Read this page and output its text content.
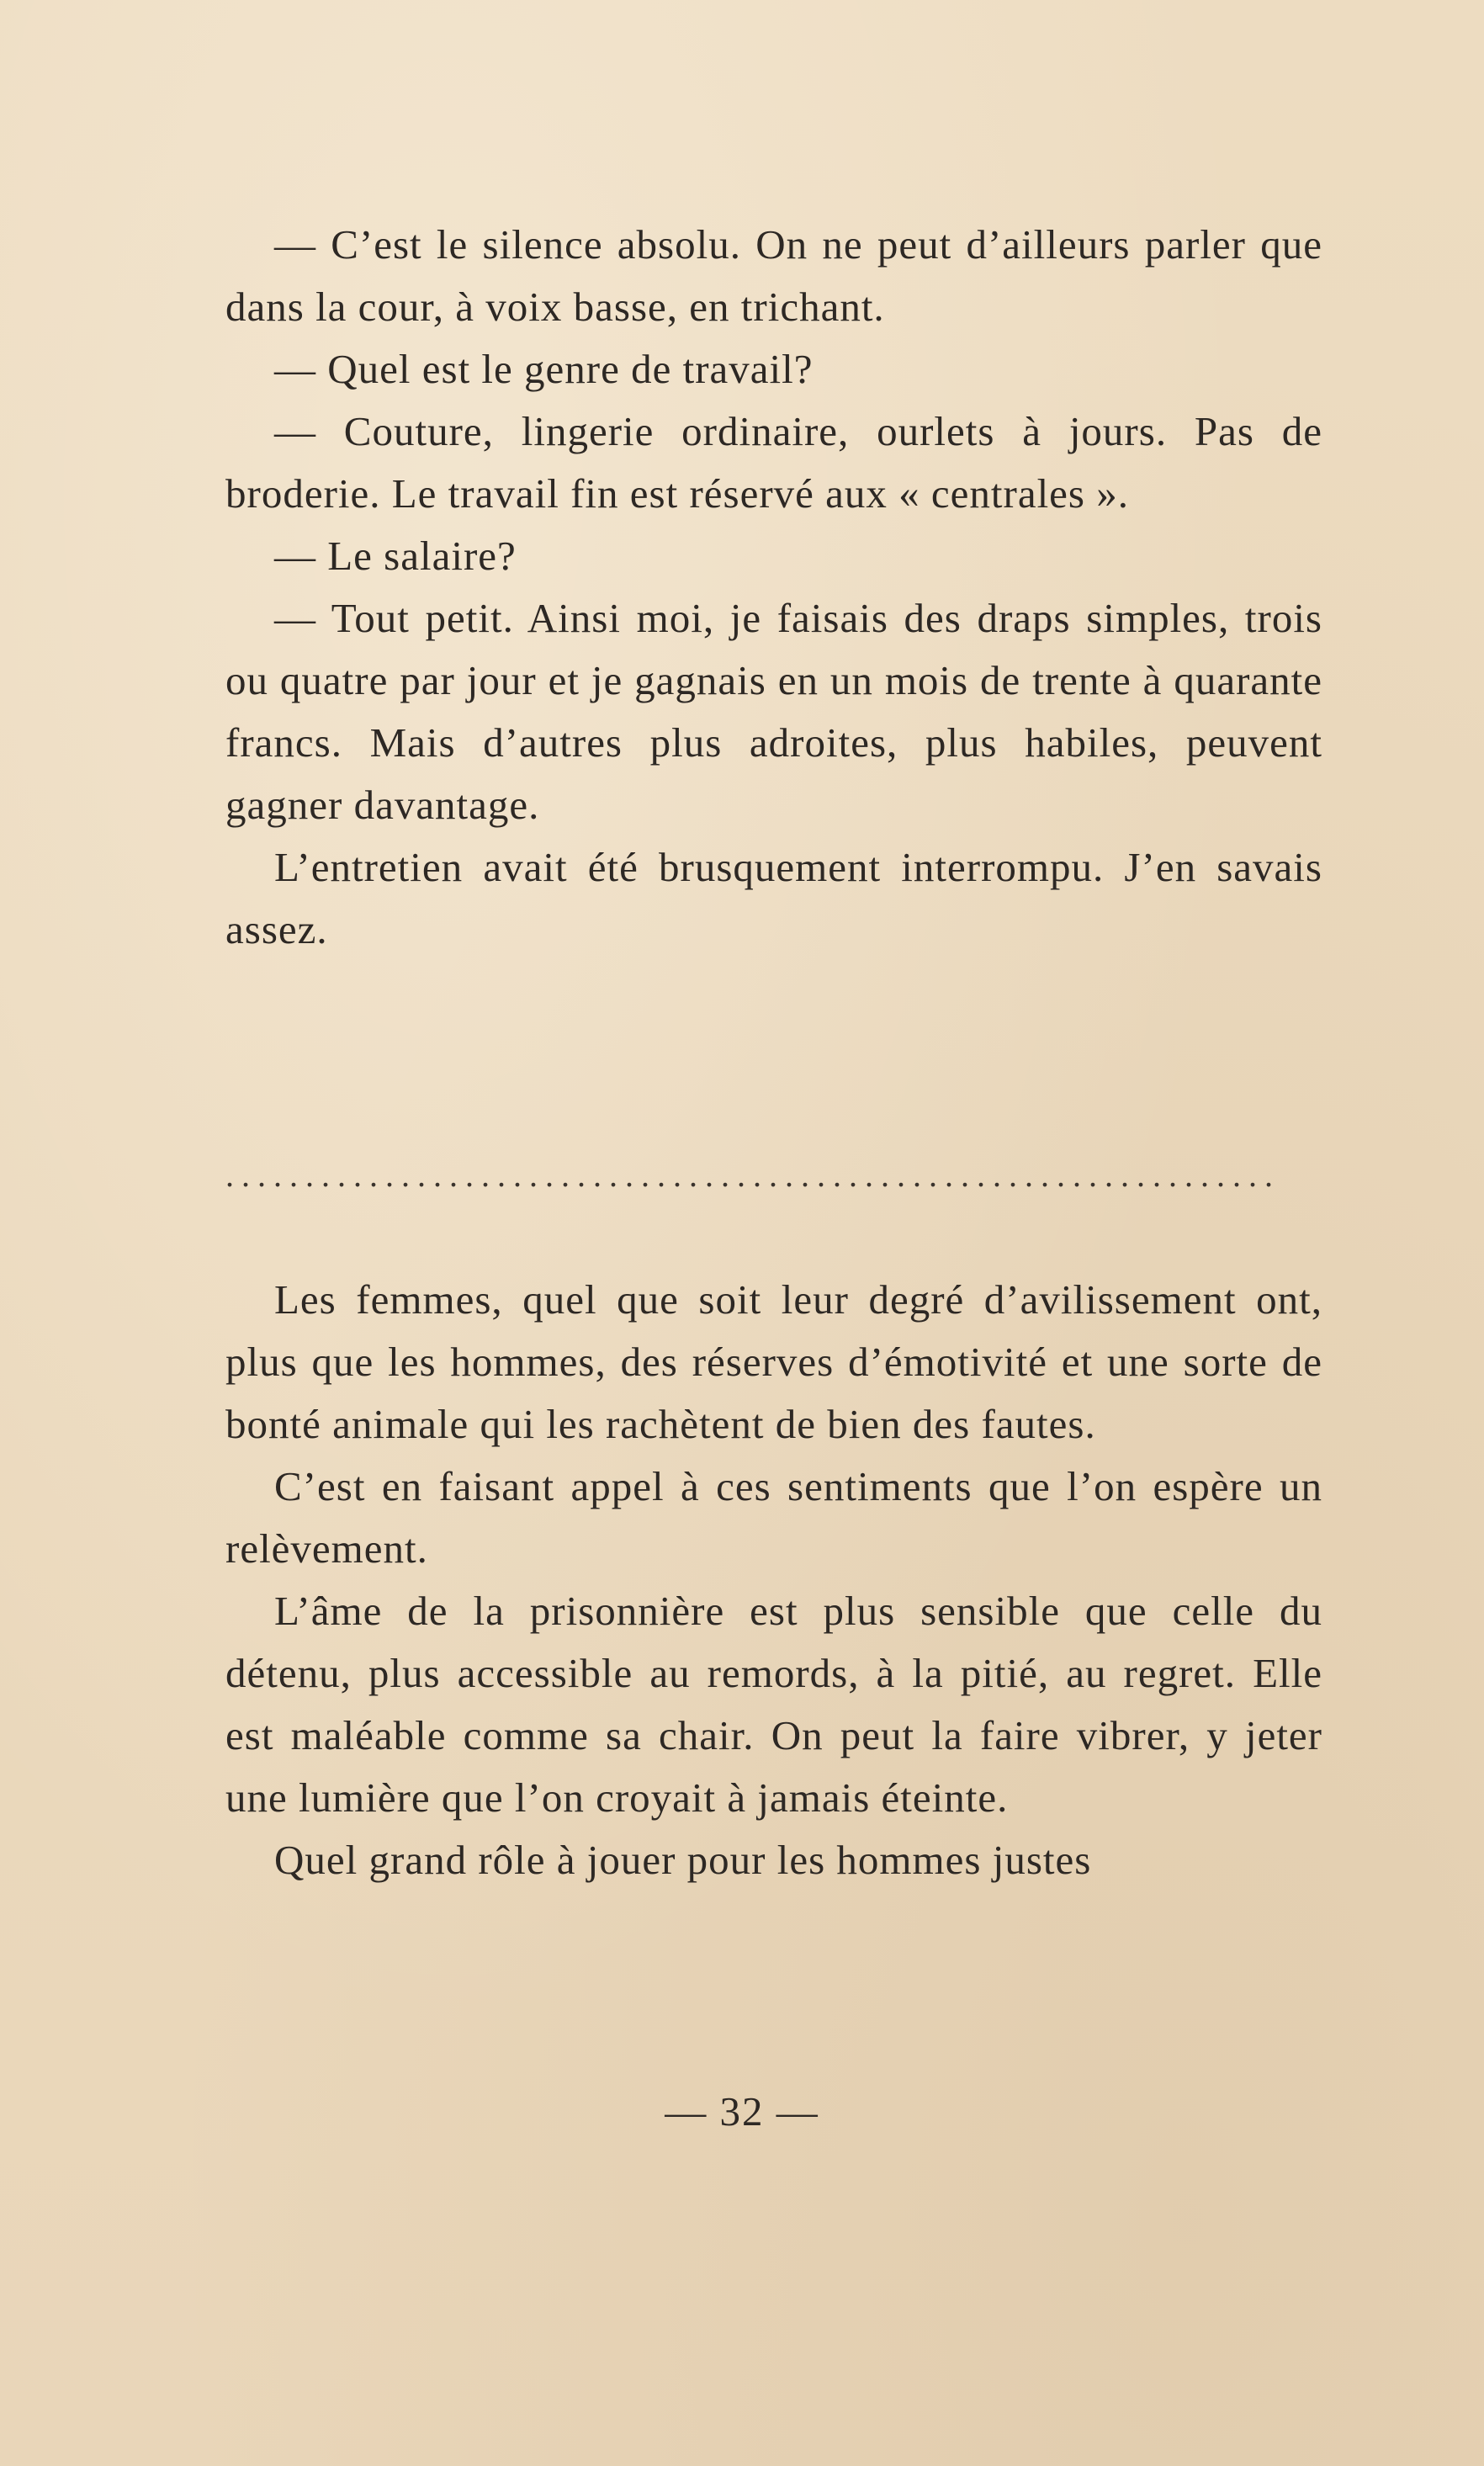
— C’est le silence absolu. On ne peut d’ailleurs parler que dans la cour, à voix basse, en trichant.

— Quel est le genre de travail?

— Couture, lingerie ordinaire, ourlets à jours. Pas de broderie. Le travail fin est réservé aux « centrales ».

— Le salaire?

— Tout petit. Ainsi moi, je faisais des draps simples, trois ou quatre par jour et je gagnais en un mois de trente à quarante francs. Mais d’autres plus adroites, plus habiles, peuvent gagner davantage.

L’entretien avait été brusquement interrompu. J’en savais assez.

..................................................................

Les femmes, quel que soit leur degré d’avilissement ont, plus que les hommes, des réserves d’émotivité et une sorte de bonté animale qui les rachètent de bien des fautes.

C’est en faisant appel à ces sentiments que l’on espère un relèvement.

L’âme de la prisonnière est plus sensible que celle du détenu, plus accessible au remords, à la pitié, au regret. Elle est maléable comme sa chair. On peut la faire vibrer, y jeter une lumière que l’on croyait à jamais éteinte.

Quel grand rôle à jouer pour les hommes justes

— 32 —
